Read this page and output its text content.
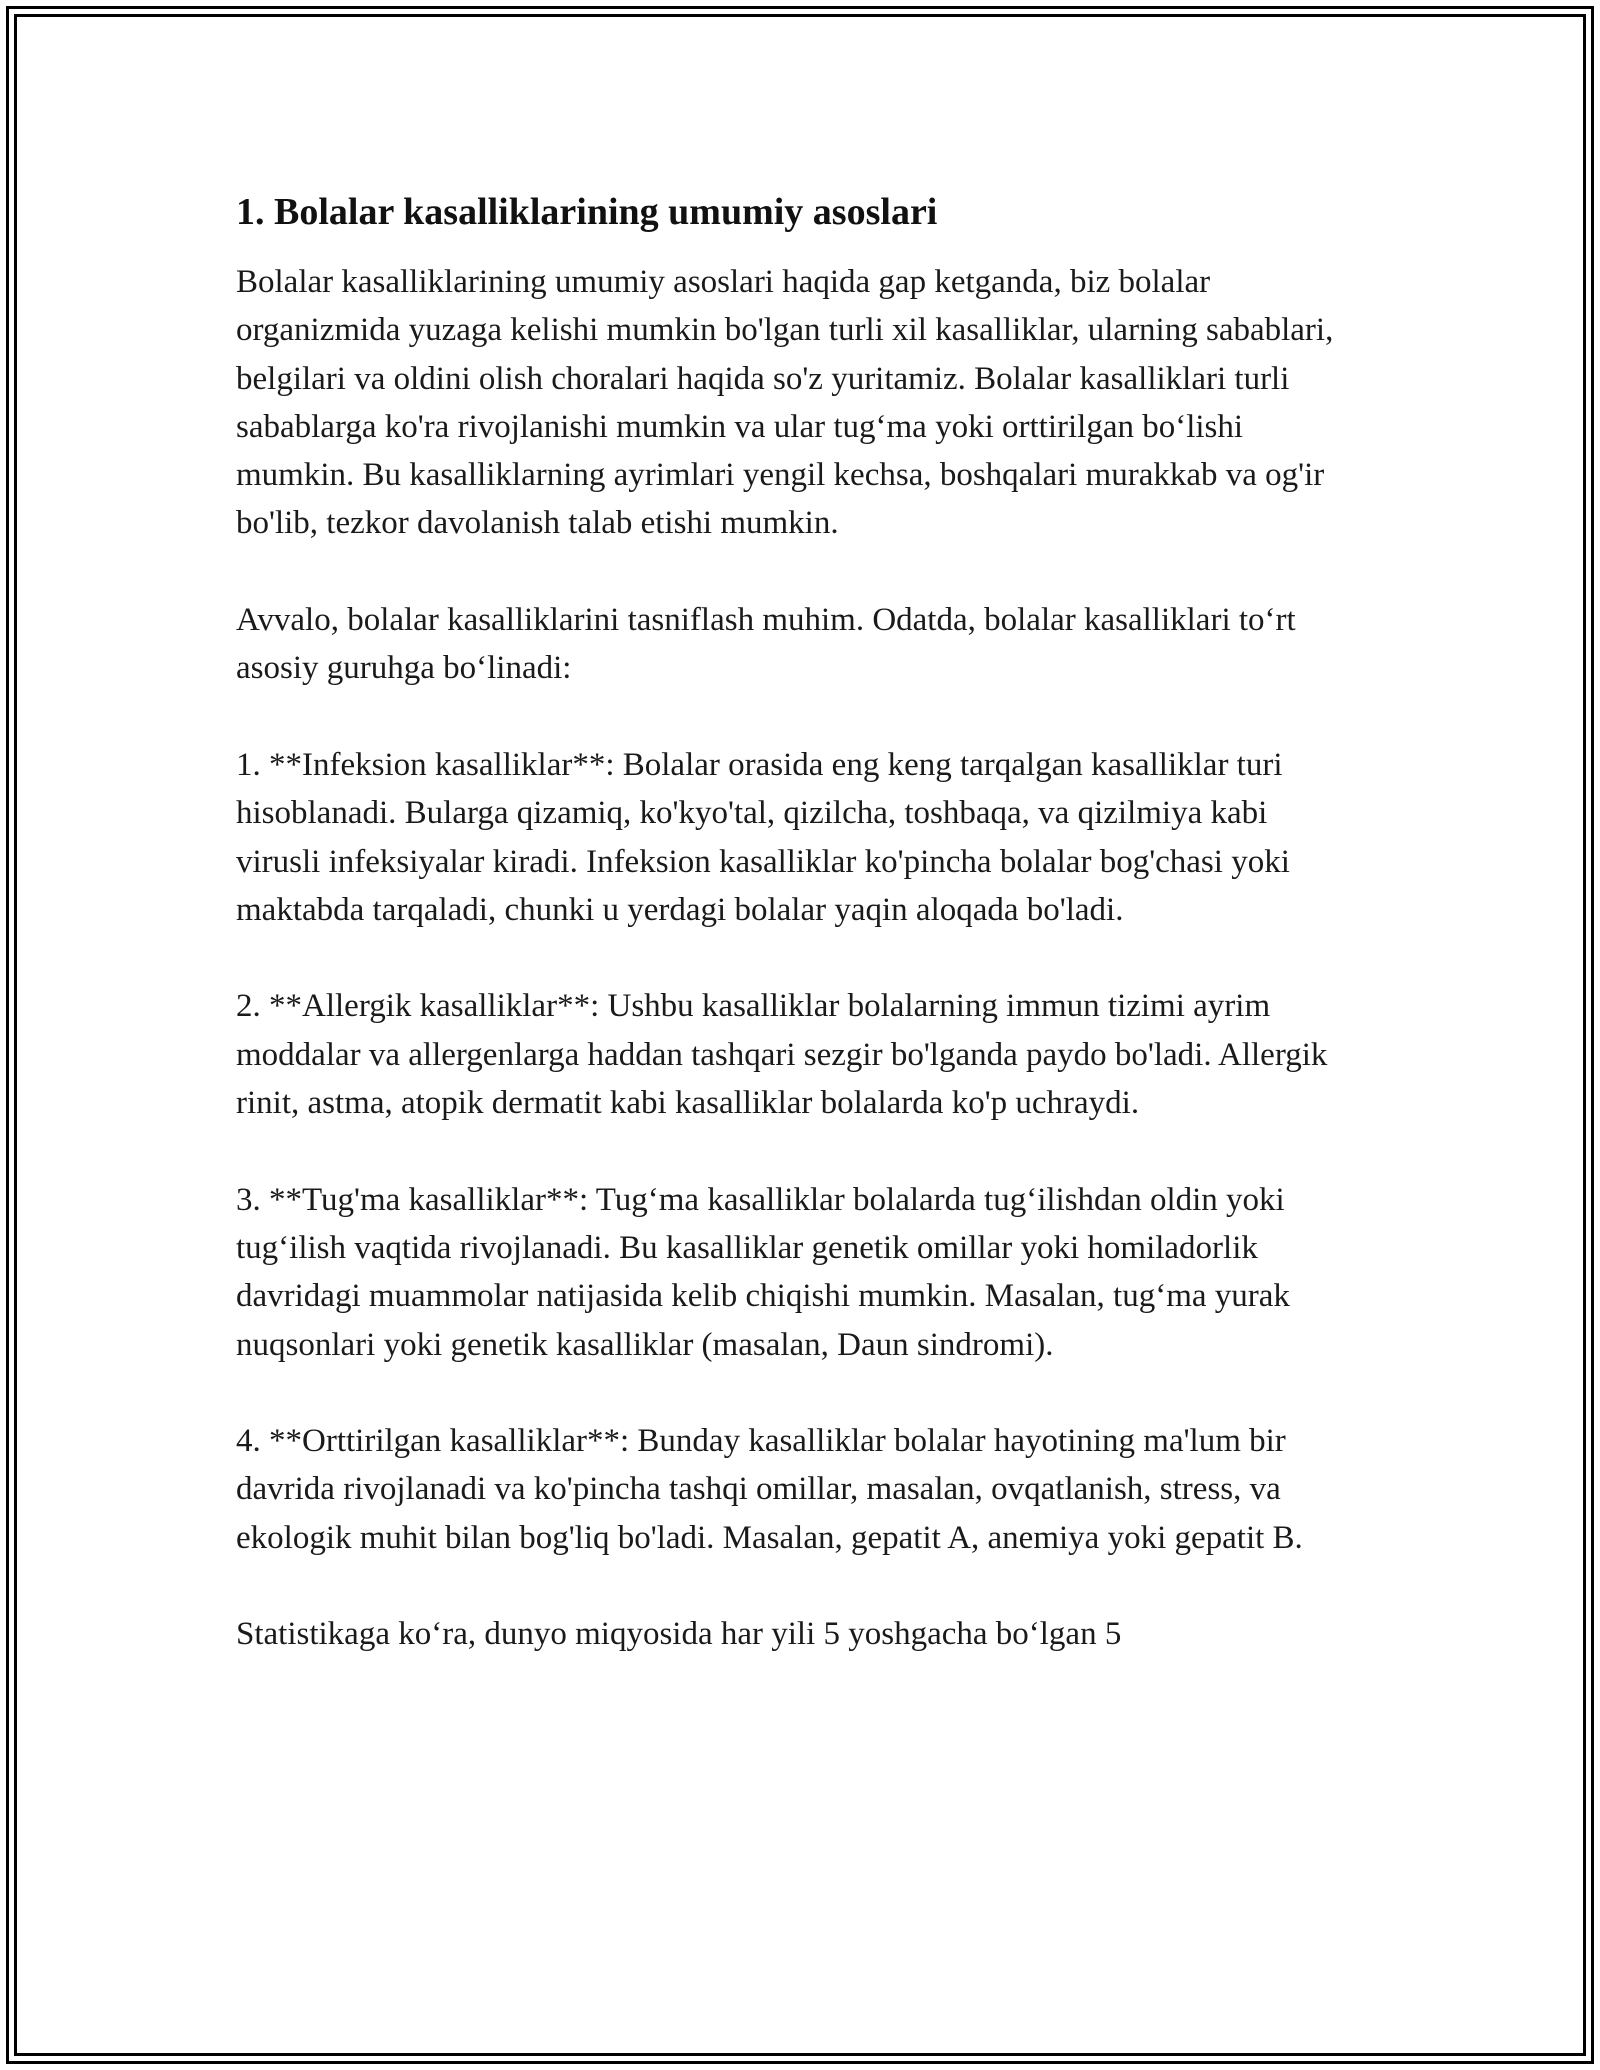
1. Bolalar kasalliklarining umumiy asoslari

Bolalar kasalliklarining umumiy asoslari haqida gap ketganda, biz bolalar organizmida yuzaga kelishi mumkin bo'lgan turli xil kasalliklar, ularning sabablari, belgilari va oldini olish choralari haqida so'z yuritamiz. Bolalar kasalliklari turli sabablarga ko'ra rivojlanishi mumkin va ular tug‘ma yoki orttirilgan bo‘lishi mumkin. Bu kasalliklarning ayrimlari yengil kechsa, boshqalari murakkab va og'ir bo'lib, tezkor davolanish talab etishi mumkin.

Avvalo, bolalar kasalliklarini tasniflash muhim. Odatda, bolalar kasalliklari to‘rt asosiy guruhga bo‘linadi:

1. **Infeksion kasalliklar**: Bolalar orasida eng keng tarqalgan kasalliklar turi hisoblanadi. Bularga qizamiq, ko'kyo'tal, qizilcha, toshbaqa, va qizilmiya kabi virusli infeksiyalar kiradi. Infeksion kasalliklar ko'pincha bolalar bog'chasi yoki maktabda tarqaladi, chunki u yerdagi bolalar yaqin aloqada bo'ladi.

2. **Allergik kasalliklar**: Ushbu kasalliklar bolalarning immun tizimi ayrim moddalar va allergenlarga haddan tashqari sezgir bo'lganda paydo bo'ladi. Allergik rinit, astma, atopik dermatit kabi kasalliklar bolalarda ko'p uchraydi.

3. **Tug'ma kasalliklar**: Tug‘ma kasalliklar bolalarda tug‘ilishdan oldin yoki tug‘ilish vaqtida rivojlanadi. Bu kasalliklar genetik omillar yoki homiladorlik davridagi muammolar natijasida kelib chiqishi mumkin. Masalan, tug‘ma yurak nuqsonlari yoki genetik kasalliklar (masalan, Daun sindromi).

4. **Orttirilgan kasalliklar**: Bunday kasalliklar bolalar hayotining ma'lum bir davrida rivojlanadi va ko'pincha tashqi omillar, masalan, ovqatlanish, stress, va ekologik muhit bilan bog'liq bo'ladi. Masalan, gepatit A, anemiya yoki gepatit B.

Statistikaga ko‘ra, dunyo miqyosida har yili 5 yoshgacha bo‘lgan 5
